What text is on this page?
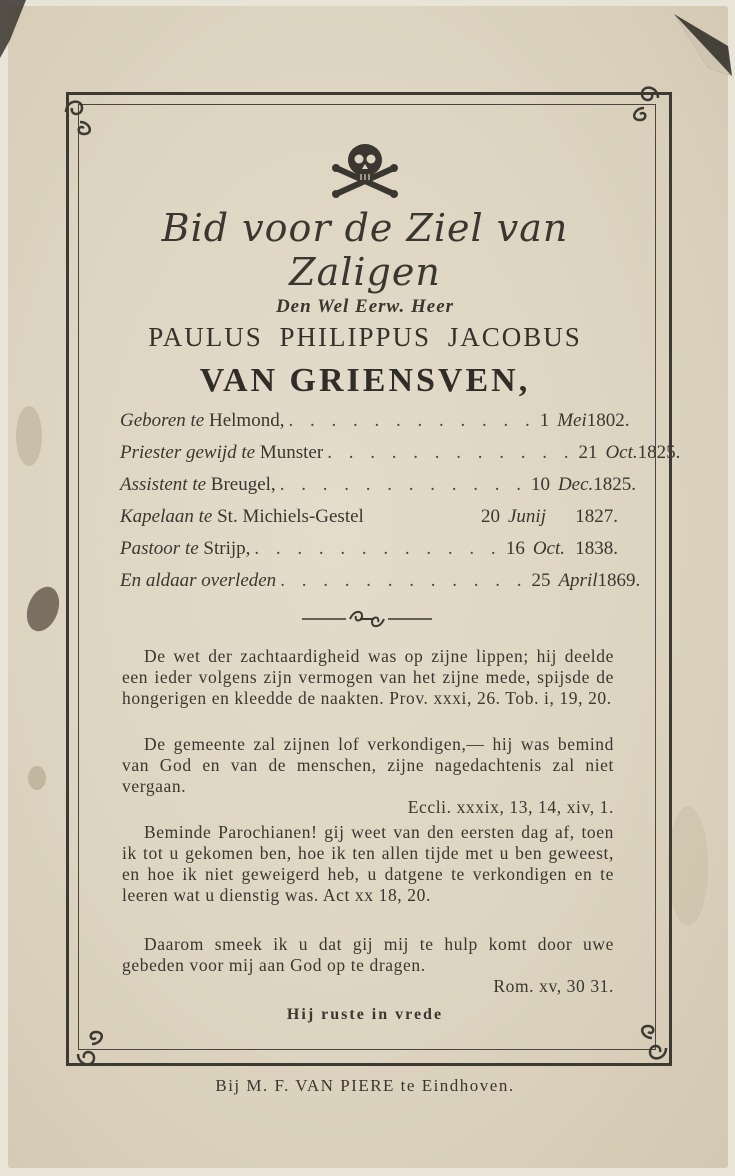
Bid voor de Ziel van Zaligen
Den Wel Eerw. Heer
PAULUS PHILIPPUS JACOBUS
VAN GRIENSVEN,
Geboren te Helmond, . . . . . . . . . . . . 1 Mei 1802.
Priester gewijd te Munster . . . . . . . . . . . . 21 Oct. 1825.
Assistent te Breugel, . . . . . . . . . . . . 10 Dec. 1825.
Kapelaan te St. Michiels-Gestel	20 Junij	1827.
Pastoor te Strijp, . . . . . . . . . . . . 16 Oct. 1838.
En aldaar overleden . . . . . . . . . . . . 25 April 1869.
De wet der zachtaardigheid was op zijne lippen; hij deelde een ieder volgens zijn vermogen van het zijne mede, spijsde de hongerigen en kleedde de naakten. Prov. xxxi, 26. Tob. i, 19, 20.
De gemeente zal zijnen lof verkondigen,— hij was bemind van God en van de menschen, zijne nagedachtenis zal niet vergaan.
Eccli. xxxix, 13, 14, xiv, 1.
Beminde Parochianen! gij weet van den eersten dag af, toen ik tot u gekomen ben, hoe ik ten allen tijde met u ben geweest, en hoe ik niet geweigerd heb, u datgene te verkondigen en te leeren wat u dienstig was. Act xx 18, 20.
Daarom smeek ik u dat gij mij te hulp komt door uwe gebeden voor mij aan God op te dragen.
Rom. xv, 30 31.
Hij ruste in vrede
Bij M. F. VAN PIERE te Eindhoven.
